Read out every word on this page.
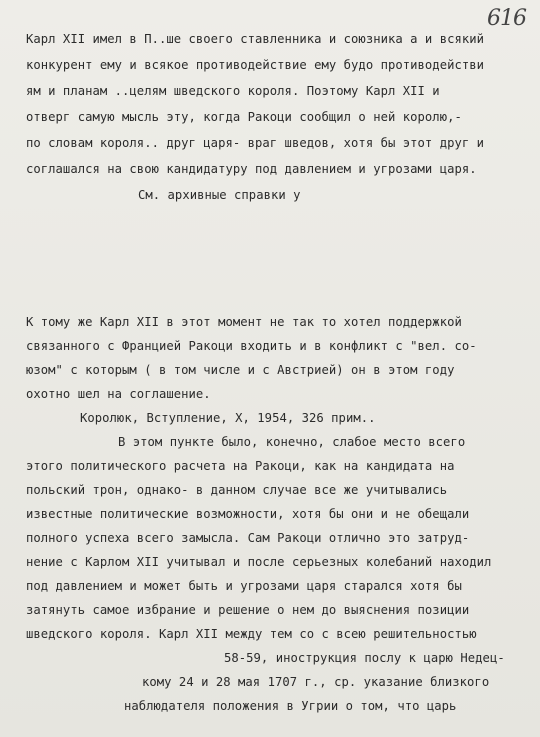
616
Карл XII имел в П..ше своего ставленника и союзника а и всякий
конкурент ему и всякое противодействие ему будо противодействи
ям и планам ..целям шведского короля. Поэтому Карл XII и
отверг самую мысль эту, когда Ракоци сообщил о ней королю,-
по словам короля.. друг царя- враг шведов, хотя бы этот друг и
соглашался на свою кандидатуру под давлением и угрозами царя.
См. архивные справки у
К тому же Карл XII в этот момент не так то хотел поддержкой
связанного с Францией Ракоци входить и в конфликт с "вел. со-
юзом" с которым ( в том числе и с Австрией) он в этом году
охотно шел на соглашение.
Королюк, Вступление, X, 1954, 326 прим..
В этом пункте было, конечно, слабое место всего
этого политического расчета на Ракоци, как на кандидата на
польский трон, однако- в данном случае все же учитывались
известные политические возможности, хотя бы они и не обещали
полного успеха всего замысла. Сам Ракоци отлично это затруд-
нение с Карлом XII учитывал и после серьезных колебаний находил
под давлением и может быть и угрозами царя старался хотя бы
затянуть самое избрание и решение о нем до выяснения позиции
шведского короля. Карл XII между тем со с всею решительностью
58-59, инострукция послу к царю Недец-
кому 24 и 28 мая 1707 г., ср. указание близкого
наблюдателя положения в Угрии о том, что царь
